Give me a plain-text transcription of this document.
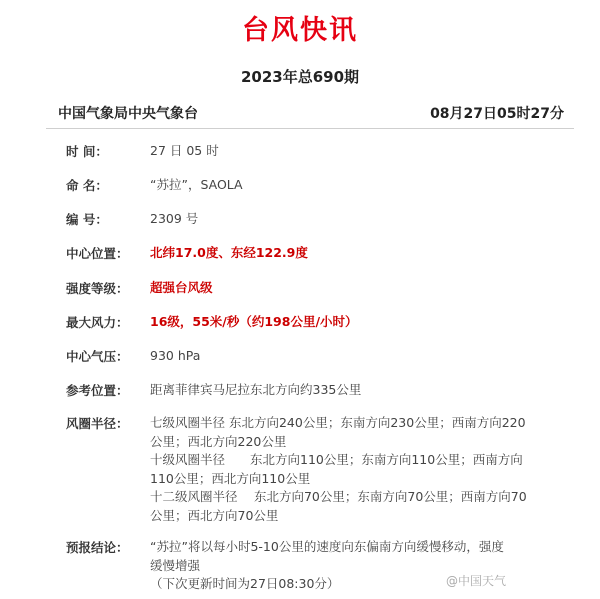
台风快讯
2023年总690期
中国气象局中央气象台	08月27日05时27分
时 间：	27 日 05 时
命 名：	“苏拉”，SAOLA
编 号：	2309 号
中心位置：	北纬17.0度、东经122.9度
强度等级：	超强台风级
最大风力：	16级，55米/秒（约198公里/小时）
中心气压：	930 hPa
参考位置：	距离菲律宾马尼拉东北方向约335公里
风圈半径：	七级风圈半径 东北方向240公里；东南方向230公里；西南方向220
公里；西北方向220公里
十级风圈半径　　东北方向110公里；东南方向110公里；西南方向
110公里；西北方向110公里
十二级风圈半径　 东北方向70公里；东南方向70公里；西南方向70
公里；西北方向70公里
预报结论：	“苏拉”将以每小时5-10公里的速度向东偏南方向缓慢移动，强度
缓慢增强
（下次更新时间为27日08:30分）	@中国天气
